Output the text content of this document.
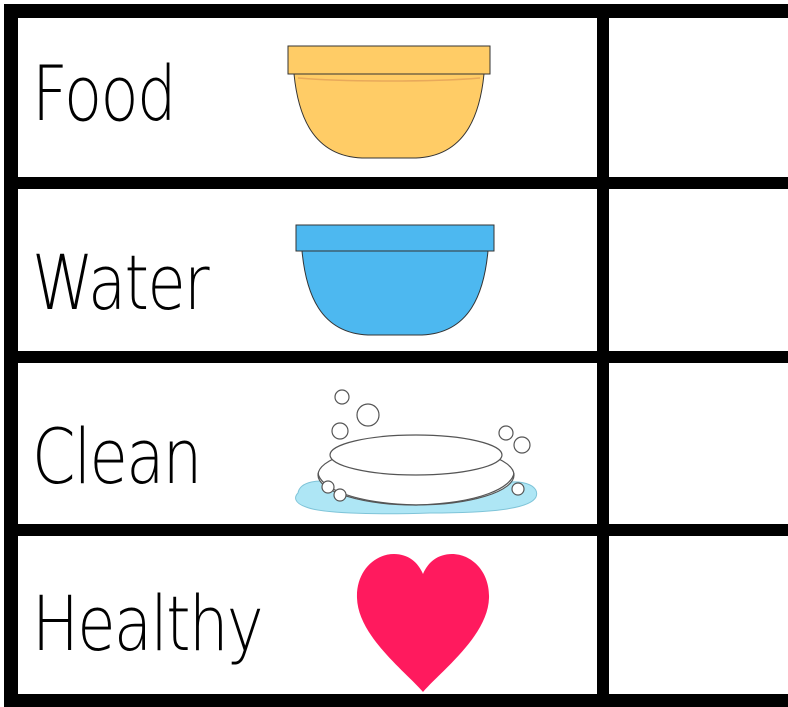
Food
Water
Clean
Healthy
